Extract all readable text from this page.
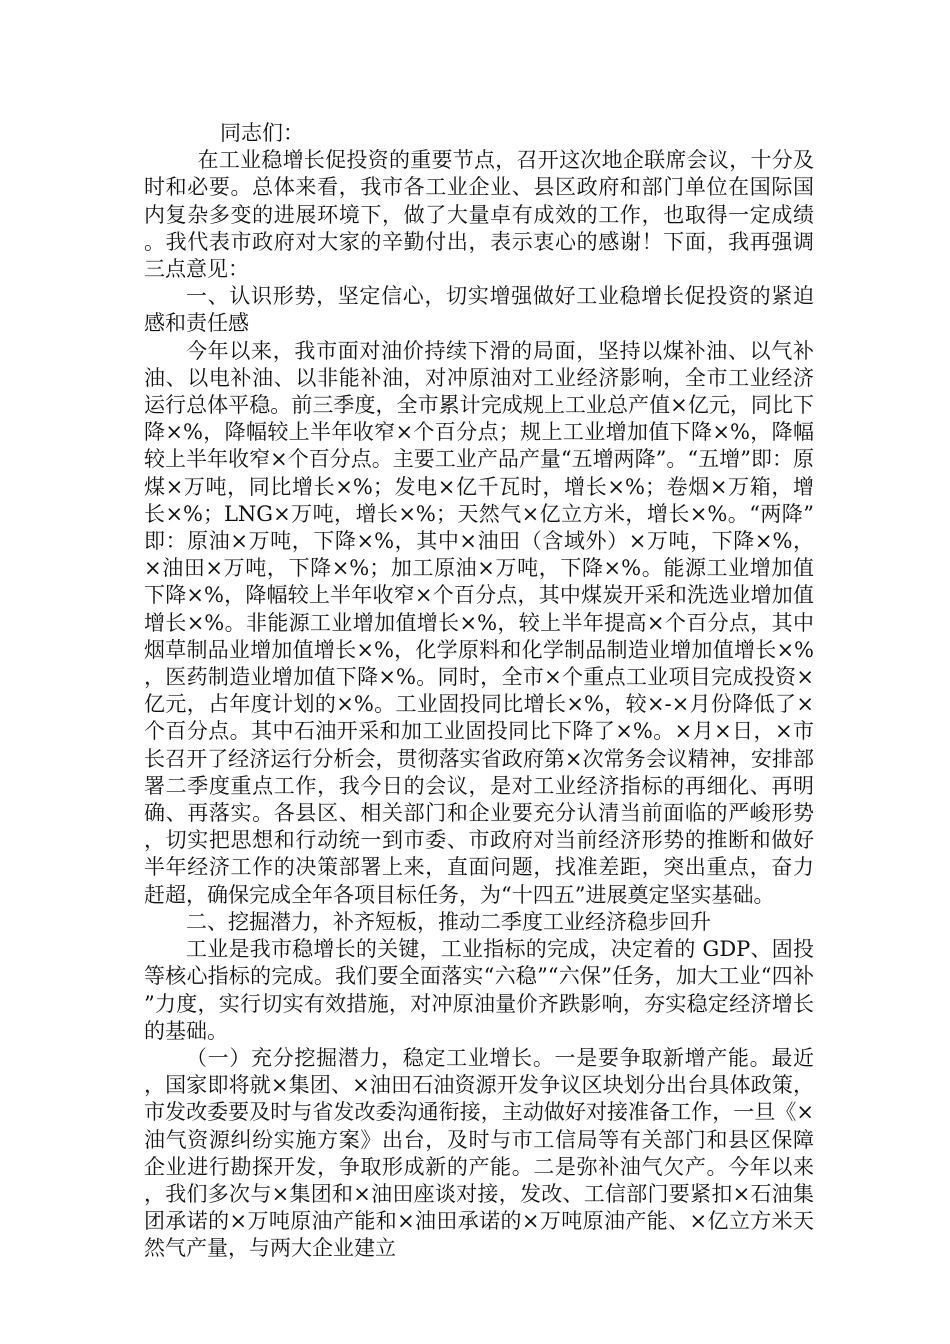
同志们：

在工业稳增长促投资的重要节点，召开这次地企联席会议，十分及时和必要。总体来看，我市各工业企业、县区政府和部门单位在国际国内复杂多变的进展环境下，做了大量卓有成效的工作，也取得一定成绩。我代表市政府对大家的辛勤付出，表示衷心的感谢！下面，我再强调三点意见：

一、认识形势，坚定信心，切实增强做好工业稳增长促投资的紧迫感和责任感

今年以来，我市面对油价持续下滑的局面，坚持以煤补油、以气补油、以电补油、以非能补油，对冲原油对工业经济影响，全市工业经济运行总体平稳。前三季度，全市累计完成规上工业总产值×亿元，同比下降×%，降幅较上半年收窄×个百分点；规上工业增加值下降×%，降幅较上半年收窄×个百分点。主要工业产品产量“五增两降”。“五增”即：原煤×万吨，同比增长×%；发电×亿千瓦时，增长×%；卷烟×万箱，增长×%；LNG×万吨，增长×%；天然气×亿立方米，增长×%。“两降”即：原油×万吨，下降×%，其中×油田（含域外）×万吨，下降×%，×油田×万吨，下降×%；加工原油×万吨，下降×%。能源工业增加值下降×%，降幅较上半年收窄×个百分点，其中煤炭开采和洗选业增加值增长×%。非能源工业增加值增长×%，较上半年提高×个百分点，其中烟草制品业增加值增长×%，化学原料和化学制品制造业增加值增长×%，医药制造业增加值下降×%。同时，全市×个重点工业项目完成投资×亿元，占年度计划的×%。工业固投同比增长×%，较×-×月份降低了×个百分点。其中石油开采和加工业固投同比下降了×%。×月×日，×市长召开了经济运行分析会，贯彻落实省政府第×次常务会议精神，安排部署二季度重点工作，我今日的会议，是对工业经济指标的再细化、再明确、再落实。各县区、相关部门和企业要充分认清当前面临的严峻形势，切实把思想和行动统一到市委、市政府对当前经济形势的推断和做好半年经济工作的决策部署上来，直面问题，找准差距，突出重点，奋力赶超，确保完成全年各项目标任务，为“十四五”进展奠定坚实基础。

二、挖掘潜力，补齐短板，推动二季度工业经济稳步回升

工业是我市稳增长的关键，工业指标的完成，决定着的 GDP、固投等核心指标的完成。我们要全面落实“六稳”“六保”任务，加大工业“四补”力度，实行切实有效措施，对冲原油量价齐跌影响，夯实稳定经济增长的基础。

（一）充分挖掘潜力，稳定工业增长。一是要争取新增产能。最近，国家即将就×集团、×油田石油资源开发争议区块划分出台具体政策，市发改委要及时与省发改委沟通衔接，主动做好对接准备工作，一旦《×油气资源纠纷实施方案》出台，及时与市工信局等有关部门和县区保障企业进行勘探开发，争取形成新的产能。二是弥补油气欠产。今年以来，我们多次与×集团和×油田座谈对接，发改、工信部门要紧扣×石油集团承诺的×万吨原油产能和×油田承诺的×万吨原油产能、×亿立方米天然气产量，与两大企业建立
